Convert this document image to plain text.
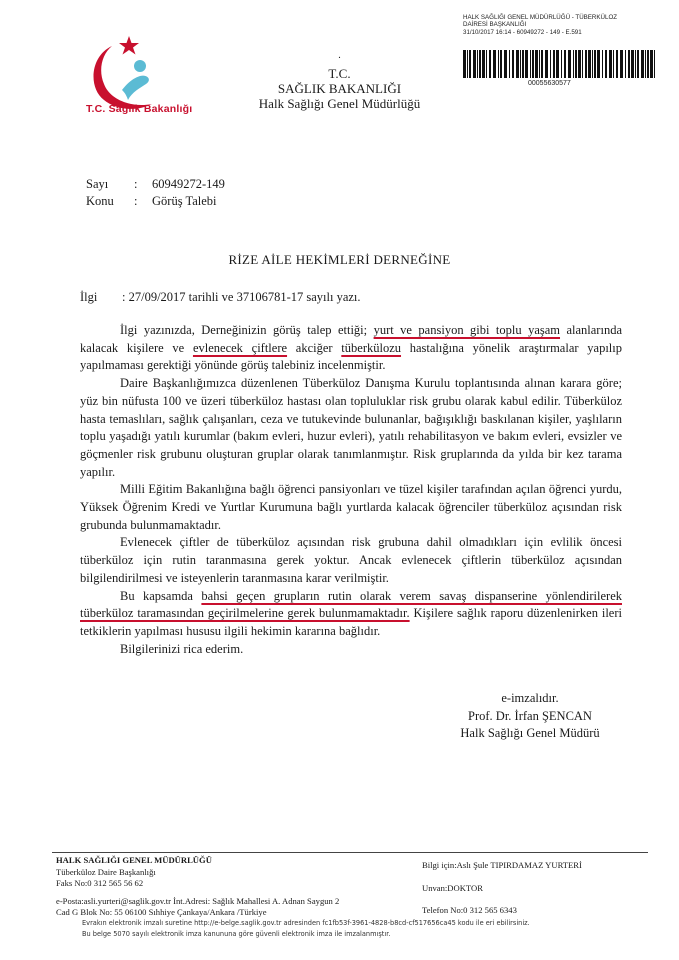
T.C. Sağlık Bakanlığı
HALK SAĞLIĞI GENEL MÜDÜRLÜĞÜ - TÜBERKÜLOZ
DAİRESİ BAŞKANLIĞI
31/10/2017 16:14 - 60949272 - 149 - E.591
00055630577
.
T.C.
SAĞLIK BAKANLIĞI
Halk Sağlığı Genel Müdürlüğü
Sayı : 60949272-149
Konu : Görüş Talebi
RİZE AİLE HEKİMLERİ DERNEĞİNE
İlgi : 27/09/2017 tarihli ve 37106781-17 sayılı yazı.

İlgi yazınızda, Derneğinizin görüş talep ettiği; yurt ve pansiyon gibi toplu yaşam alanlarında kalacak kişilere ve evlenecek çiftlere akciğer tüberkülozu hastalığına yönelik araştırmalar yapılıp yapılmaması gerektiği yönünde görüş talebiniz incelenmiştir.

Daire Başkanlığımızca düzenlenen Tüberküloz Danışma Kurulu toplantısında alınan karara göre; yüz bin nüfusta 100 ve üzeri tüberküloz hastası olan topluluklar risk grubu olarak kabul edilir. Tüberküloz hasta temaslıları, sağlık çalışanları, ceza ve tutukevinde bulunanlar, bağışıklığı baskılanan kişiler, yaşlıların toplu yaşadığı yatılı kurumlar (bakım evleri, huzur evleri), yatılı rehabilitasyon ve bakım evleri, evsizler ve göçmenler risk grubunu oluşturan gruplar olarak tanımlanmıştır. Risk gruplarında da yılda bir kez tarama yapılır.

Milli Eğitim Bakanlığına bağlı öğrenci pansiyonları ve tüzel kişiler tarafından açılan öğrenci yurdu, Yüksek Öğrenim Kredi ve Yurtlar Kurumuna bağlı yurtlarda kalacak öğrenciler tüberküloz açısından risk grubunda bulunmamaktadır.

Evlenecek çiftler de tüberküloz açısından risk grubuna dahil olmadıkları için evlilik öncesi tüberküloz için rutin taranmasına gerek yoktur. Ancak evlenecek çiftlerin tüberküloz açısından bilgilendirilmesi ve isteyenlerin taranmasına karar verilmiştir.

Bu kapsamda bahsi geçen grupların rutin olarak verem savaş dispanserine yönlendirilerek tüberküloz taramasından geçirilmelerine gerek bulunmamaktadır. Kişilere sağlık raporu düzenlenirken ileri tetkiklerin yapılması hususu ilgili hekimin kararına bağlıdır.

Bilgilerinizi rica ederim.

e-imzalıdır.
Prof. Dr. İrfan ŞENCAN
Halk Sağlığı Genel Müdürü
HALK SAĞLIĞI GENEL MÜDÜRLÜĞÜ
Tüberküloz Daire Başkanlığı
Faks No:0 312 565 56 62
e-Posta:asli.yurteri@saglik.gov.tr İnt.Adresi: Sağlık Mahallesi A. Adnan Saygun 2
Cad G Blok No: 55 06100 Sıhhiye Çankaya/Ankara /Türkiye
Bilgi için:Aslı Şule TIPIRDAMAZ YURTERİ
Unvan:DOKTOR
Telefon No:0 312 565 6343
Evrakın elektronik imzalı suretine http://e-belge.saglik.gov.tr adresinden fc1fb53f-3961-4828-b8cd-cf517656ca45 kodu ile eri ebilirsiniz.
Bu belge 5070 sayılı elektronik imza kanununa göre güvenli elektronik imza ile imzalanmıştır.
